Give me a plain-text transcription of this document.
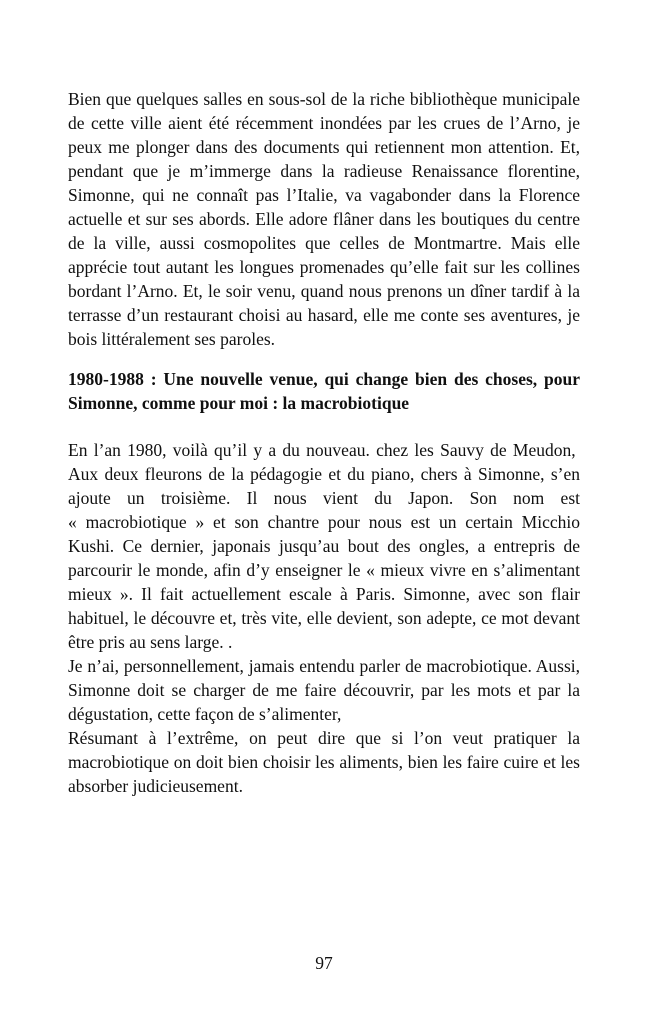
Bien que quelques salles en sous-sol de la riche bibliothèque municipale de cette ville aient été récemment inondées par les crues de l’Arno, je peux me plonger dans des documents qui retiennent mon attention. Et, pendant que je m’immerge dans la radieuse Renaissance florentine, Simonne, qui ne connaît pas l’Italie, va vagabonder dans la Florence actuelle et sur ses abords. Elle adore flâner dans les boutiques du centre de la ville, aussi cosmopolites que celles de Montmartre. Mais elle apprécie tout autant les longues promenades qu’elle fait sur les collines bordant l’Arno. Et, le soir venu, quand nous prenons un dîner tardif à la terrasse d’un restaurant choisi au hasard, elle me conte ses aventures, je bois littéralement ses paroles.

1980-1988 : Une nouvelle venue, qui change bien des choses, pour Simonne, comme pour moi : la macrobiotique

En l’an 1980, voilà qu’il y a du nouveau. chez les Sauvy de Meudon,  Aux deux fleurons de la pédagogie et du piano, chers à Simonne, s’en ajoute un troisième. Il nous vient du Japon. Son nom est « macrobiotique » et son chantre pour nous est un certain Micchio Kushi. Ce dernier, japonais jusqu’au bout des ongles, a entrepris de parcourir le monde, afin d’y enseigner le « mieux vivre en s’alimentant mieux ». Il fait actuellement escale à Paris. Simonne, avec son flair habituel, le découvre et, très vite, elle devient, son adepte, ce mot devant être pris au sens large. .

Je n’ai, personnellement, jamais entendu parler de macrobiotique. Aussi, Simonne doit se charger de me faire découvrir, par les mots et par la dégustation, cette façon de s’alimenter,

Résumant à l’extrême, on peut dire que si l’on veut pratiquer la macrobiotique on doit bien choisir les aliments, bien les faire cuire et les absorber judicieusement.

97
